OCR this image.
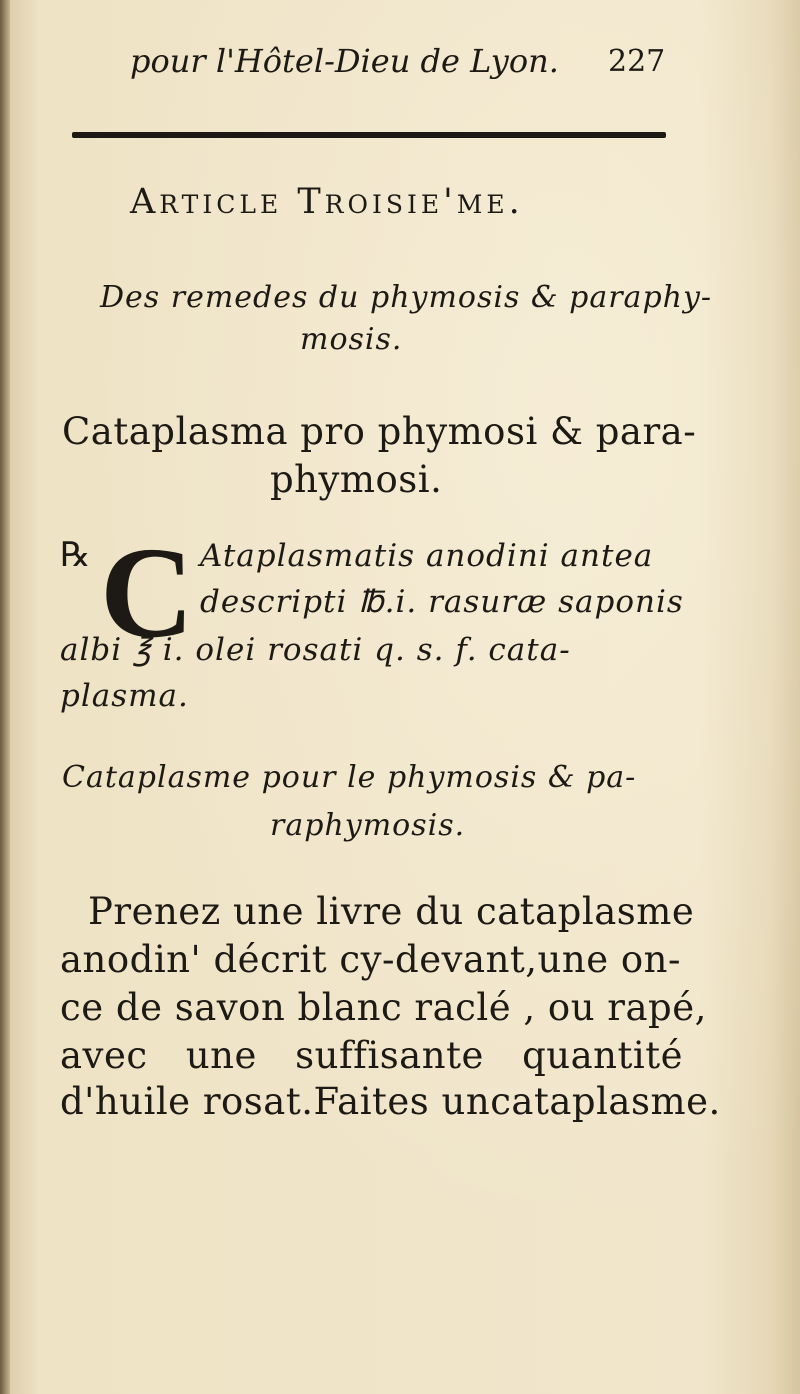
pour l'Hôtel-Dieu de Lyon. 227

Article Troisie'me.

Des remedes du phymosis & paraphy-

mosis.

Cataplasma pro phymosi & para-

phymosi.

℞ C Ataplasmatis anodini antea

descripti ℔.i. rasuræ saponis

albi ℥ i. olei rosati q. s. f. cata-

plasma.

Cataplasme pour le phymosis & pa-

raphymosis.

Prenez une livre du cataplasme

anodin' décrit cy-devant,une on-

ce de savon blanc raclé , ou rapé,

avec une suffisante quantité

d'huile rosat.Faites uncataplasme.
